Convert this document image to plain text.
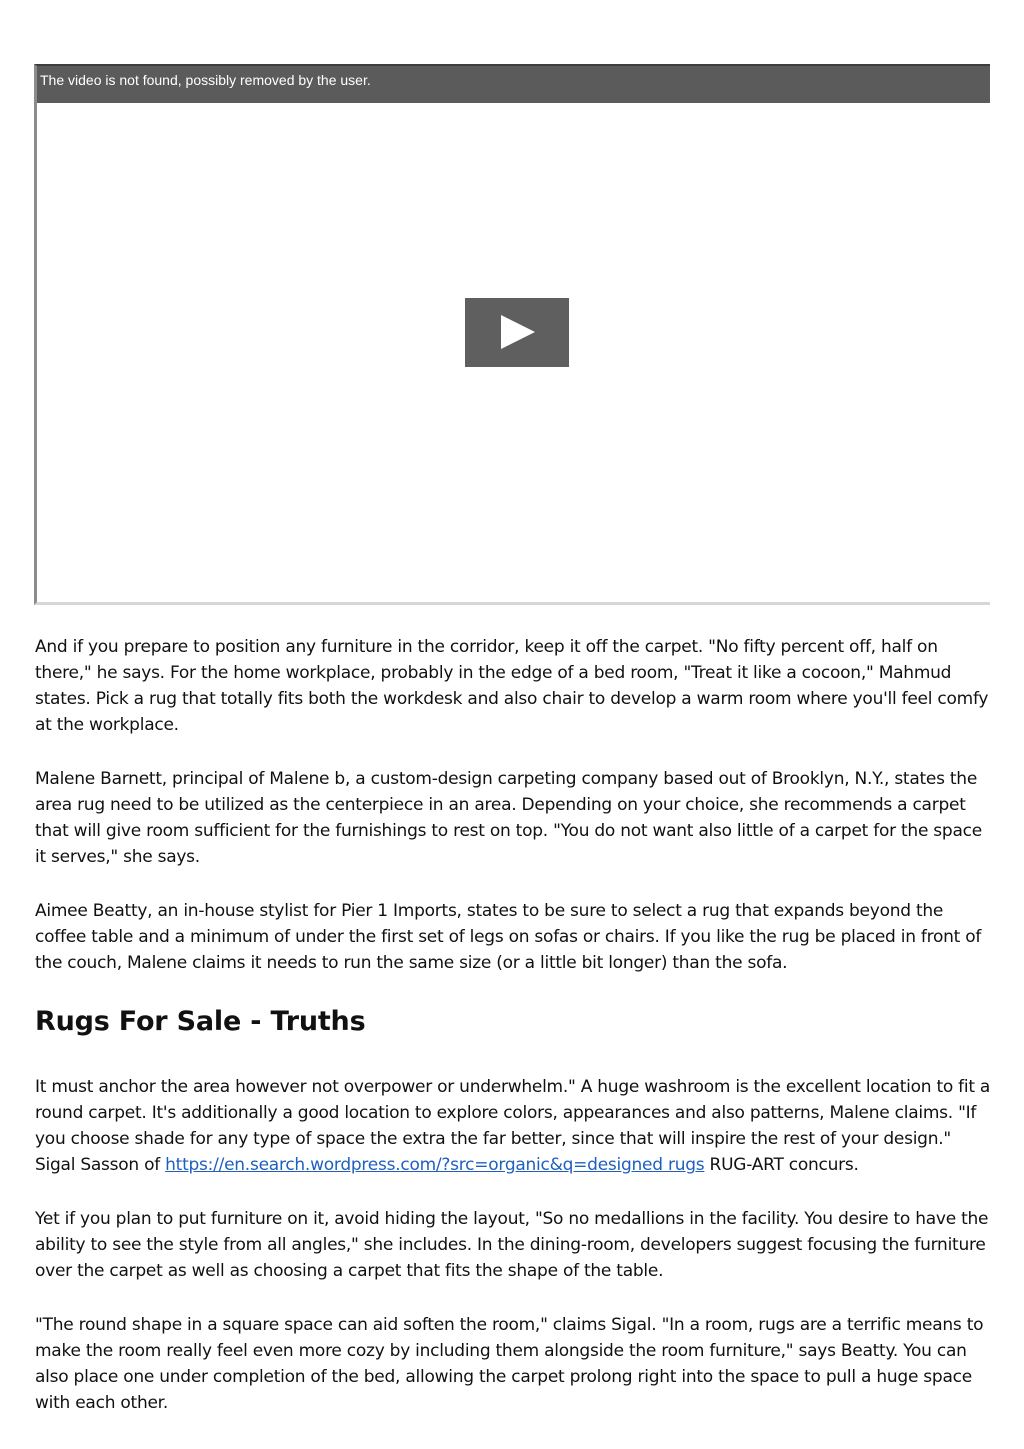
The video is not found, possibly removed by the user.

And if you prepare to position any furniture in the corridor, keep it off the carpet. "No fifty percent off, half on there," he says. For the home workplace, probably in the edge of a bed room, "Treat it like a cocoon," Mahmud states. Pick a rug that totally fits both the workdesk and also chair to develop a warm room where you'll feel comfy at the workplace.

Malene Barnett, principal of Malene b, a custom-design carpeting company based out of Brooklyn, N.Y., states the area rug need to be utilized as the centerpiece in an area. Depending on your choice, she recommends a carpet that will give room sufficient for the furnishings to rest on top. "You do not want also little of a carpet for the space it serves," she says.

Aimee Beatty, an in-house stylist for Pier 1 Imports, states to be sure to select a rug that expands beyond the coffee table and a minimum of under the first set of legs on sofas or chairs. If you like the rug be placed in front of the couch, Malene claims it needs to run the same size (or a little bit longer) than the sofa.

Rugs For Sale - Truths

It must anchor the area however not overpower or underwhelm." A huge washroom is the excellent location to fit a round carpet. It's additionally a good location to explore colors, appearances and also patterns, Malene claims. "If you choose shade for any type of space the extra the far better, since that will inspire the rest of your design." Sigal Sasson of https://en.search.wordpress.com/?src=organic&q=designed rugs RUG-ART concurs.

Yet if you plan to put furniture on it, avoid hiding the layout, "So no medallions in the facility. You desire to have the ability to see the style from all angles," she includes. In the dining-room, developers suggest focusing the furniture over the carpet as well as choosing a carpet that fits the shape of the table.

"The round shape in a square space can aid soften the room," claims Sigal. "In a room, rugs are a terrific means to make the room really feel even more cozy by including them alongside the room furniture," says Beatty. You can also place one under completion of the bed, allowing the carpet prolong right into the space to pull a huge space with each other.
